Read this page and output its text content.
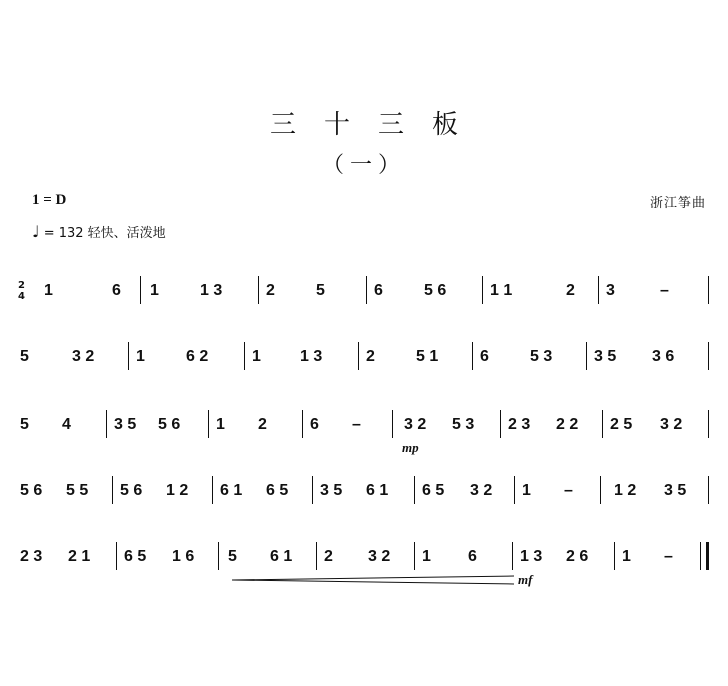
三十三板
（一）
1 = D	浙江筝曲
♩ = 132 轻快、活泼地
2
4 1	6 1	1 3	2	5	6	5 6	1 1	2 3	–
5	3 2	1	6 2	1 1 3	2	5 1	6	5 3	3 5 3 6
5 4	3 5 5 6 1 2	6 –	3 2 5 3 2 3 2 2 2 5 3 2
mp
5 6 5 5 5 6 1 2 6 1 6 5 3 5 6 1 6 5 3 2 1 –	1 2 3 5
2 3 2 1 6 5 1 6 5 6 1 2 3 2 1 6	1 3 2 6 1 –
mf
